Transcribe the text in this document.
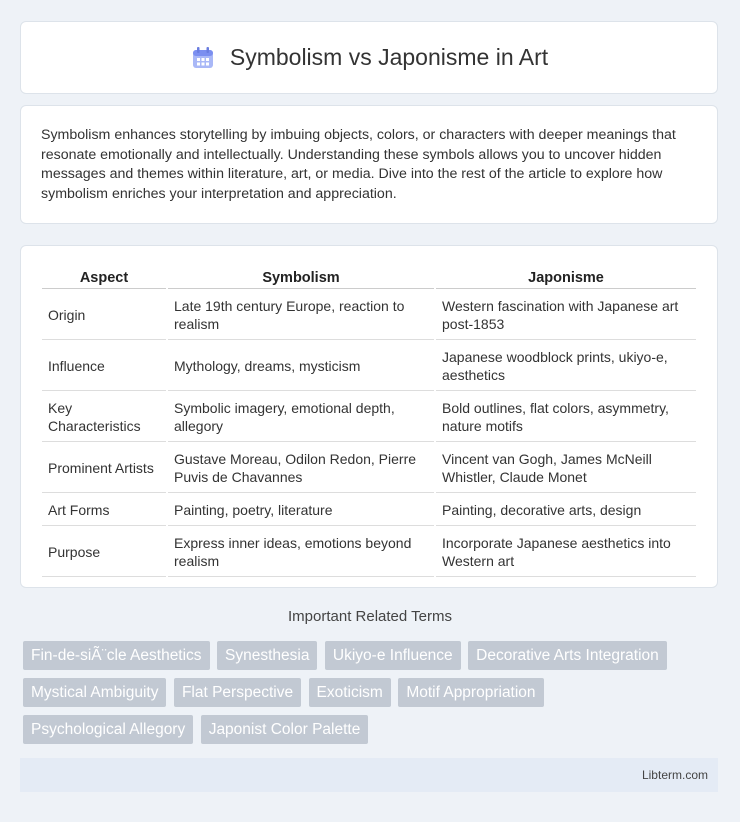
Symbolism vs Japonisme in Art
Symbolism enhances storytelling by imbuing objects, colors, or characters with deeper meanings that resonate emotionally and intellectually. Understanding these symbols allows you to uncover hidden messages and themes within literature, art, or media. Dive into the rest of the article to explore how symbolism enriches your interpretation and appreciation.
Aspect	Symbolism	Japonisme
Origin	Late 19th century Europe, reaction to realism	Western fascination with Japanese art post-1853
Influence	Mythology, dreams, mysticism	Japanese woodblock prints, ukiyo-e, aesthetics
Key Characteristics	Symbolic imagery, emotional depth, allegory	Bold outlines, flat colors, asymmetry, nature motifs
Prominent Artists	Gustave Moreau, Odilon Redon, Pierre Puvis de Chavannes	Vincent van Gogh, James McNeill Whistler, Claude Monet
Art Forms	Painting, poetry, literature	Painting, decorative arts, design
Purpose	Express inner ideas, emotions beyond realism	Incorporate Japanese aesthetics into Western art
Important Related Terms
Fin-de-siÃ¨cle Aesthetics Synesthesia Ukiyo-e Influence Decorative Arts Integration Mystical Ambiguity Flat Perspective Exoticism Motif Appropriation Psychological Allegory Japonist Color Palette
Libterm.com
